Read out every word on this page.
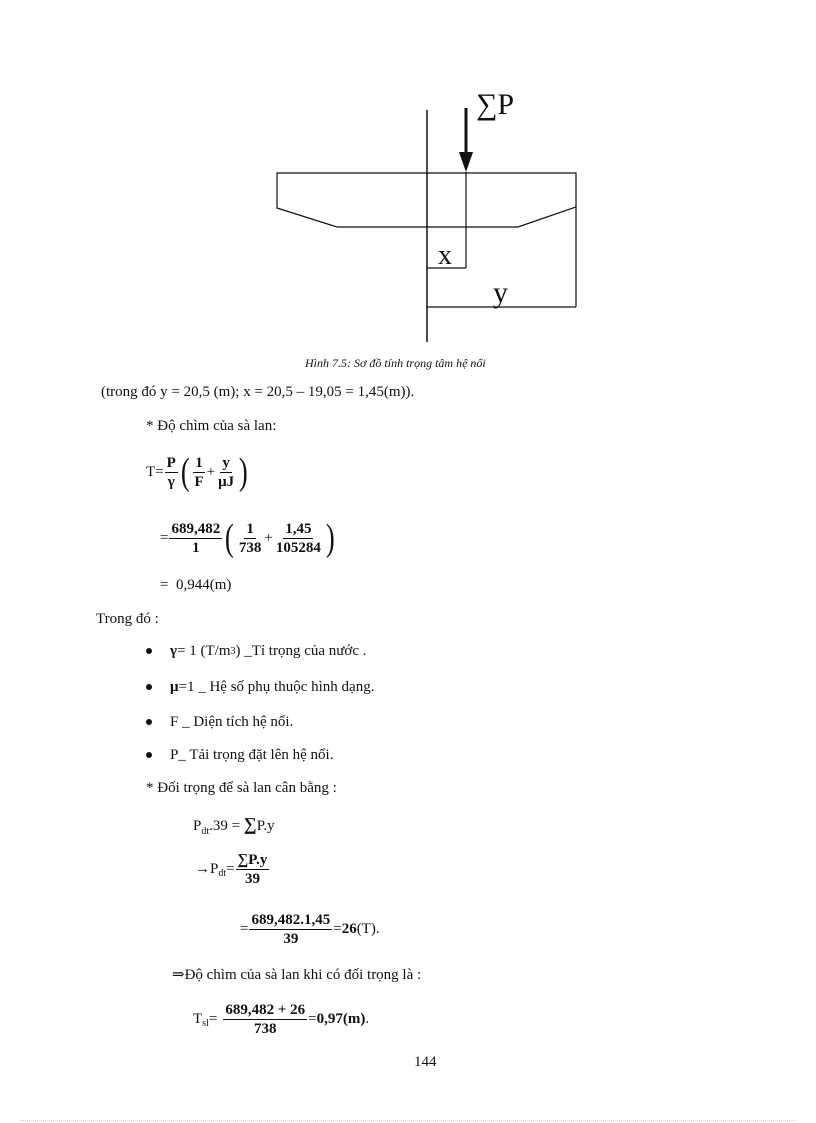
∑P
x
y
Hình 7.5: Sơ đồ tính trọng tâm hệ nổi
(trong đó y = 20,5 (m); x = 20,5 – 19,05 = 1,45(m)).
* Độ chìm của sà lan:
$T= \frac{P}{\gamma}$ ( $\frac{1}{F} + \frac{y}{\mu J}$ )
= $\frac{689,482}{1}$ ( $\frac{1}{738} + \frac{1,45}{105284}$ )
=  0,944(m)
Trong đó :
γ = 1 (T/m 3 ) _Tỉ trọng của nước .
μ =1 _ Hệ số phụ thuộc hình dạng.
F _ Diện tích hệ nổi.
P_ Tải trọng đặt lên hệ nổi.
* Đối trọng để sà lan cân bằng :
$P_{dt}.39 = \sum P.y$
$\to P_{dt} = \frac{\sum P.y}{39}$
= $\frac{689,482.1,45}{39} = 26$ (T).
⇒Độ chìm của sà lan khi có đối trọng là :
$T_{sl} = \frac{689,482 + 26}{738} = 0,97(m)$ .
144
